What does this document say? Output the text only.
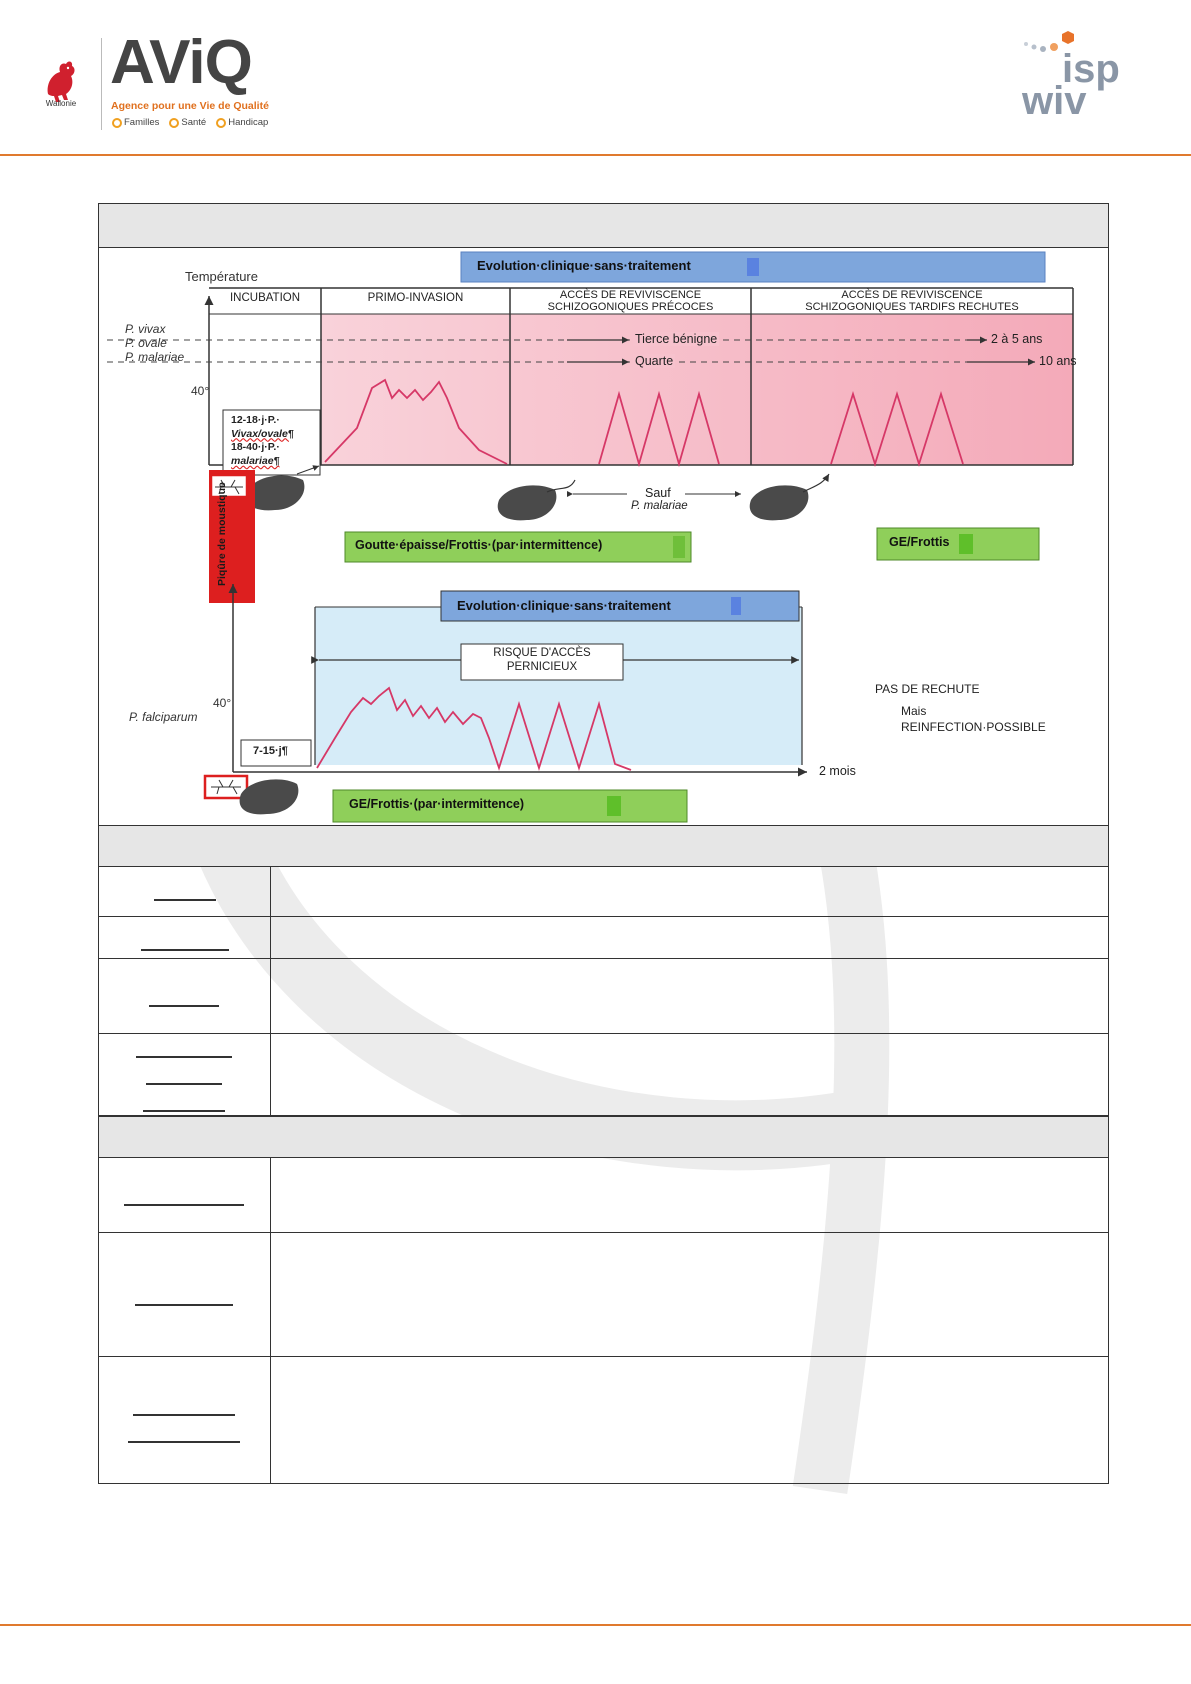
Wallonie
AViQ
Agence pour une Vie de Qualité
Familles Santé Handicap
isp
wiv
Evolution·clinique·sans·traitement
Température
P. vivax
P. ovale
P. malariae
40°
INCUBATION	PRIMO-INVASION	ACCÈS DE REVIVISCENCE
SCHIZOGONIQUES PRÉCOCES
ACCÈS DE REVIVISCENCE
SCHIZOGONIQUES TARDIFS RECHUTES
Tierce bénigne
Quarte
2 à 5 ans
10 ans
12-18·j·P.·
Vivax/ovale¶
18-40·j·P.·
malariae¶
Sauf
P. malariae
Goutte·épaisse/Frottis·(par·intermittence)	GE/Frottis
Piqûre de moustique
Evolution·clinique·sans·traitement
RISQUE D'ACCÈS
PERNICIEUX
40°
P. falciparum
PAS DE RECHUTE
Mais
REINFECTION·POSSIBLE
7-15·j¶
2 mois
GE/Frottis·(par·intermittence)
